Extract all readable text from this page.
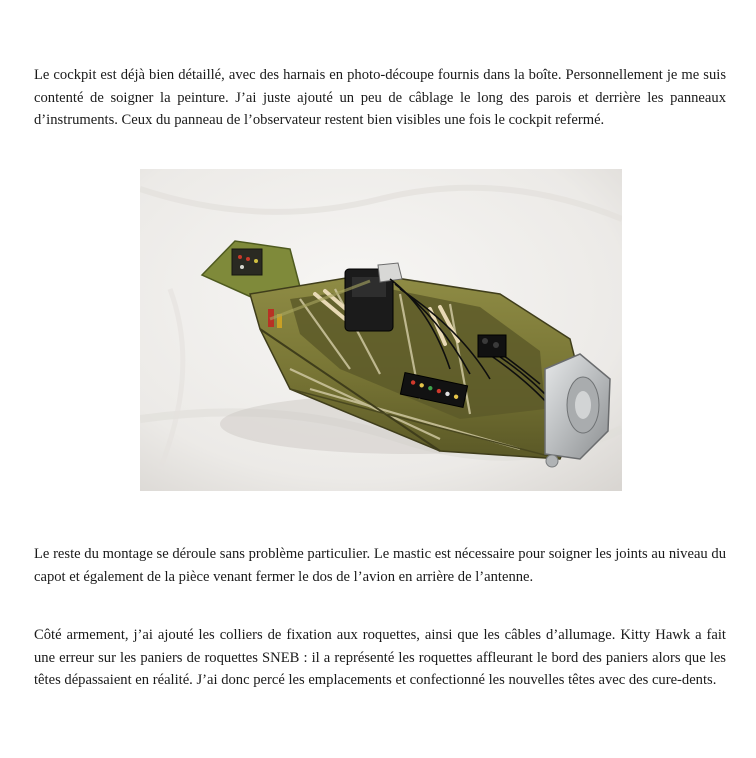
Le cockpit est déjà bien détaillé, avec des harnais en photo-découpe fournis dans la boîte. Personnellement je me suis contenté de soigner la peinture. J’ai juste ajouté un peu de câblage le long des parois et derrière les panneaux d’instruments. Ceux du panneau de l’observateur restent bien visibles une fois le cockpit refermé.

Le reste du montage se déroule sans problème particulier. Le mastic est nécessaire pour soigner les joints au niveau du capot et également de la pièce venant fermer le dos de l’avion en arrière de l’antenne.

Côté armement, j’ai ajouté les colliers de fixation aux roquettes, ainsi que les câbles d’allumage. Kitty Hawk a fait une erreur sur les paniers de roquettes SNEB : il a représenté les roquettes affleurant le bord des paniers alors que les têtes dépassaient en réalité. J’ai donc percé les emplacements et confectionné les nouvelles têtes avec des cure-dents.
